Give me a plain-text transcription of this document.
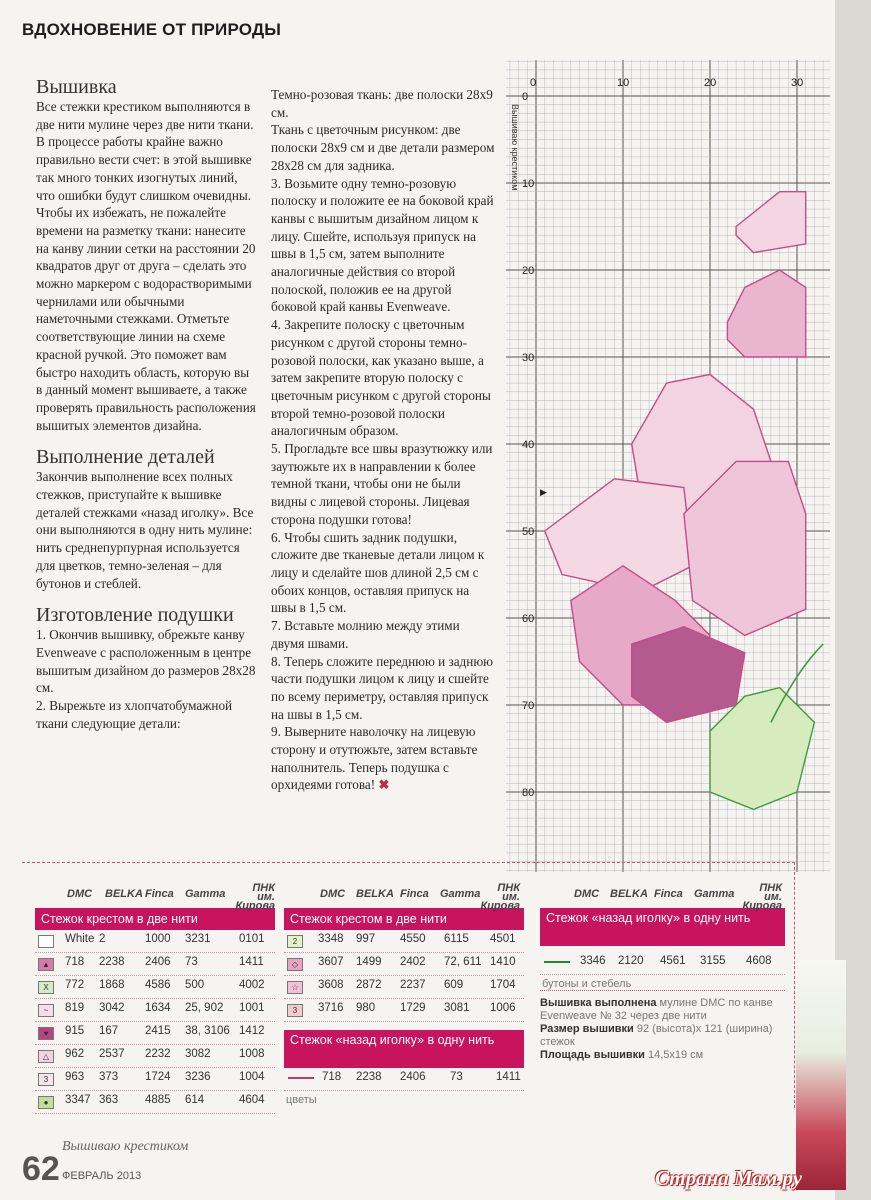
ВДОХНОВЕНИЕ ОТ ПРИРОДЫ
Вышивка

Все стежки крестиком выполняются в две нити мулине через две нити ткани. В процессе работы крайне важно правильно вести счет: в этой вышивке так много тонких изогнутых линий, что ошибки будут слишком очевидны. Чтобы их избежать, не пожалейте времени на разметку ткани: нанесите на канву линии сетки на расстоянии 20 квадратов друг от друга – сделать это можно маркером с водорастворимыми чернилами или обычными наметочными стежками. Отметьте соответствующие линии на схеме красной ручкой. Это поможет вам быстро находить область, которую вы в данный момент вышиваете, а также проверять правильность расположения вышитых элементов дизайна.

Выполнение деталей

Закончив выполнение всех полных стежков, приступайте к вышивке деталей стежками «назад иголку». Все они выполняются в одну нить мулине: нить среднепурпурная используется для цветков, темно-зеленая – для бутонов и стеблей.

Изготовление подушки

1. Окончив вышивку, обрежьте канву Evenweave с расположенным в центре вышитым дизайном до размеров 28х28 см.

2. Вырежьте из хлопчатобумажной ткани следующие детали:

Темно-розовая ткань: две полоски 28х9 см.

Ткань с цветочным рисунком: две полоски 28х9 см и две детали размером 28х28 см для задника.

3. Возьмите одну темно-розовую полоску и положите ее на боковой край канвы с вышитым дизайном лицом к лицу. Сшейте, используя припуск на швы в 1,5 см, затем выполните аналогичные действия со второй полоской, положив ее на другой боковой край канвы Evenweave.

4. Закрепите полоску с цветочным рисунком с другой стороны темно-розовой полоски, как указано выше, а затем закрепите вторую полоску с цветочным рисунком с другой стороны второй темно-розовой полоски аналогичным образом.

5. Прогладьте все швы вразутюжку или заутюжьте их в направлении к более темной ткани, чтобы они не были видны с лицевой стороны. Лицевая сторона подушки готова!

6. Чтобы сшить задник подушки, сложите две тканевые детали лицом к лицу и сделайте шов длиной 2,5 см с обоих концов, оставляя припуск на швы в 1,5 см.

7. Вставьте молнию между этими двумя швами.

8. Теперь сложите переднюю и заднюю части подушки лицом к лицу и сшейте по всему периметру, оставляя припуск на швы в 1,5 см.

9. Выверните наволочку на лицевую сторону и отутюжьте, затем вставьте наполнитель. Теперь подушка с орхидеями готова! ✖

0	10	20	30
0
10
20
30
40
50
60
70
80
Вышиваю крестиком
▶
DMC BELKA Finca Gamma	ПНК
им. Кирова
Стежок крестом в две нити
White 2	1000 3231 0101
▲	718 2238 2406 73	1411
X	772 1868 4586 500	4002
~	819 3042 1634 25, 902 1001
♥	915 167 2415 38, 3106 1412
△	962 2537 2232 3082 1008
3	963 373 1724 3236 1004
●	3347 363 4885 614	4604
DMC BELKA Finca Gamma	ПНК
им. Кирова
Стежок крестом в две нити
2	3348 997 4550 6115 4501
◇	3607 1499 2402 72, 611 1410
☆	3608 2872 2237 609 1704
3	3716 980 1729 3081 1006
Стежок «назад иголку» в одну нить
718 2238 2406 73	1411
цветы
DMC BELKA Finca Gamma	ПНК
им. Кирова
Стежок «назад иголку» в одну нить
3346 2120 4561 3155 4608
бутоны и стебель
Вышивка выполнена мулине DMC по канве Evenweave № 32 через две нити
Размер вышивки 92 (высота)х 121 (ширина) стежок
Площадь вышивки 14,5х19 см
62
Вышиваю крестиком
ФЕВРАЛЬ 2013	Страна Мам.ру
